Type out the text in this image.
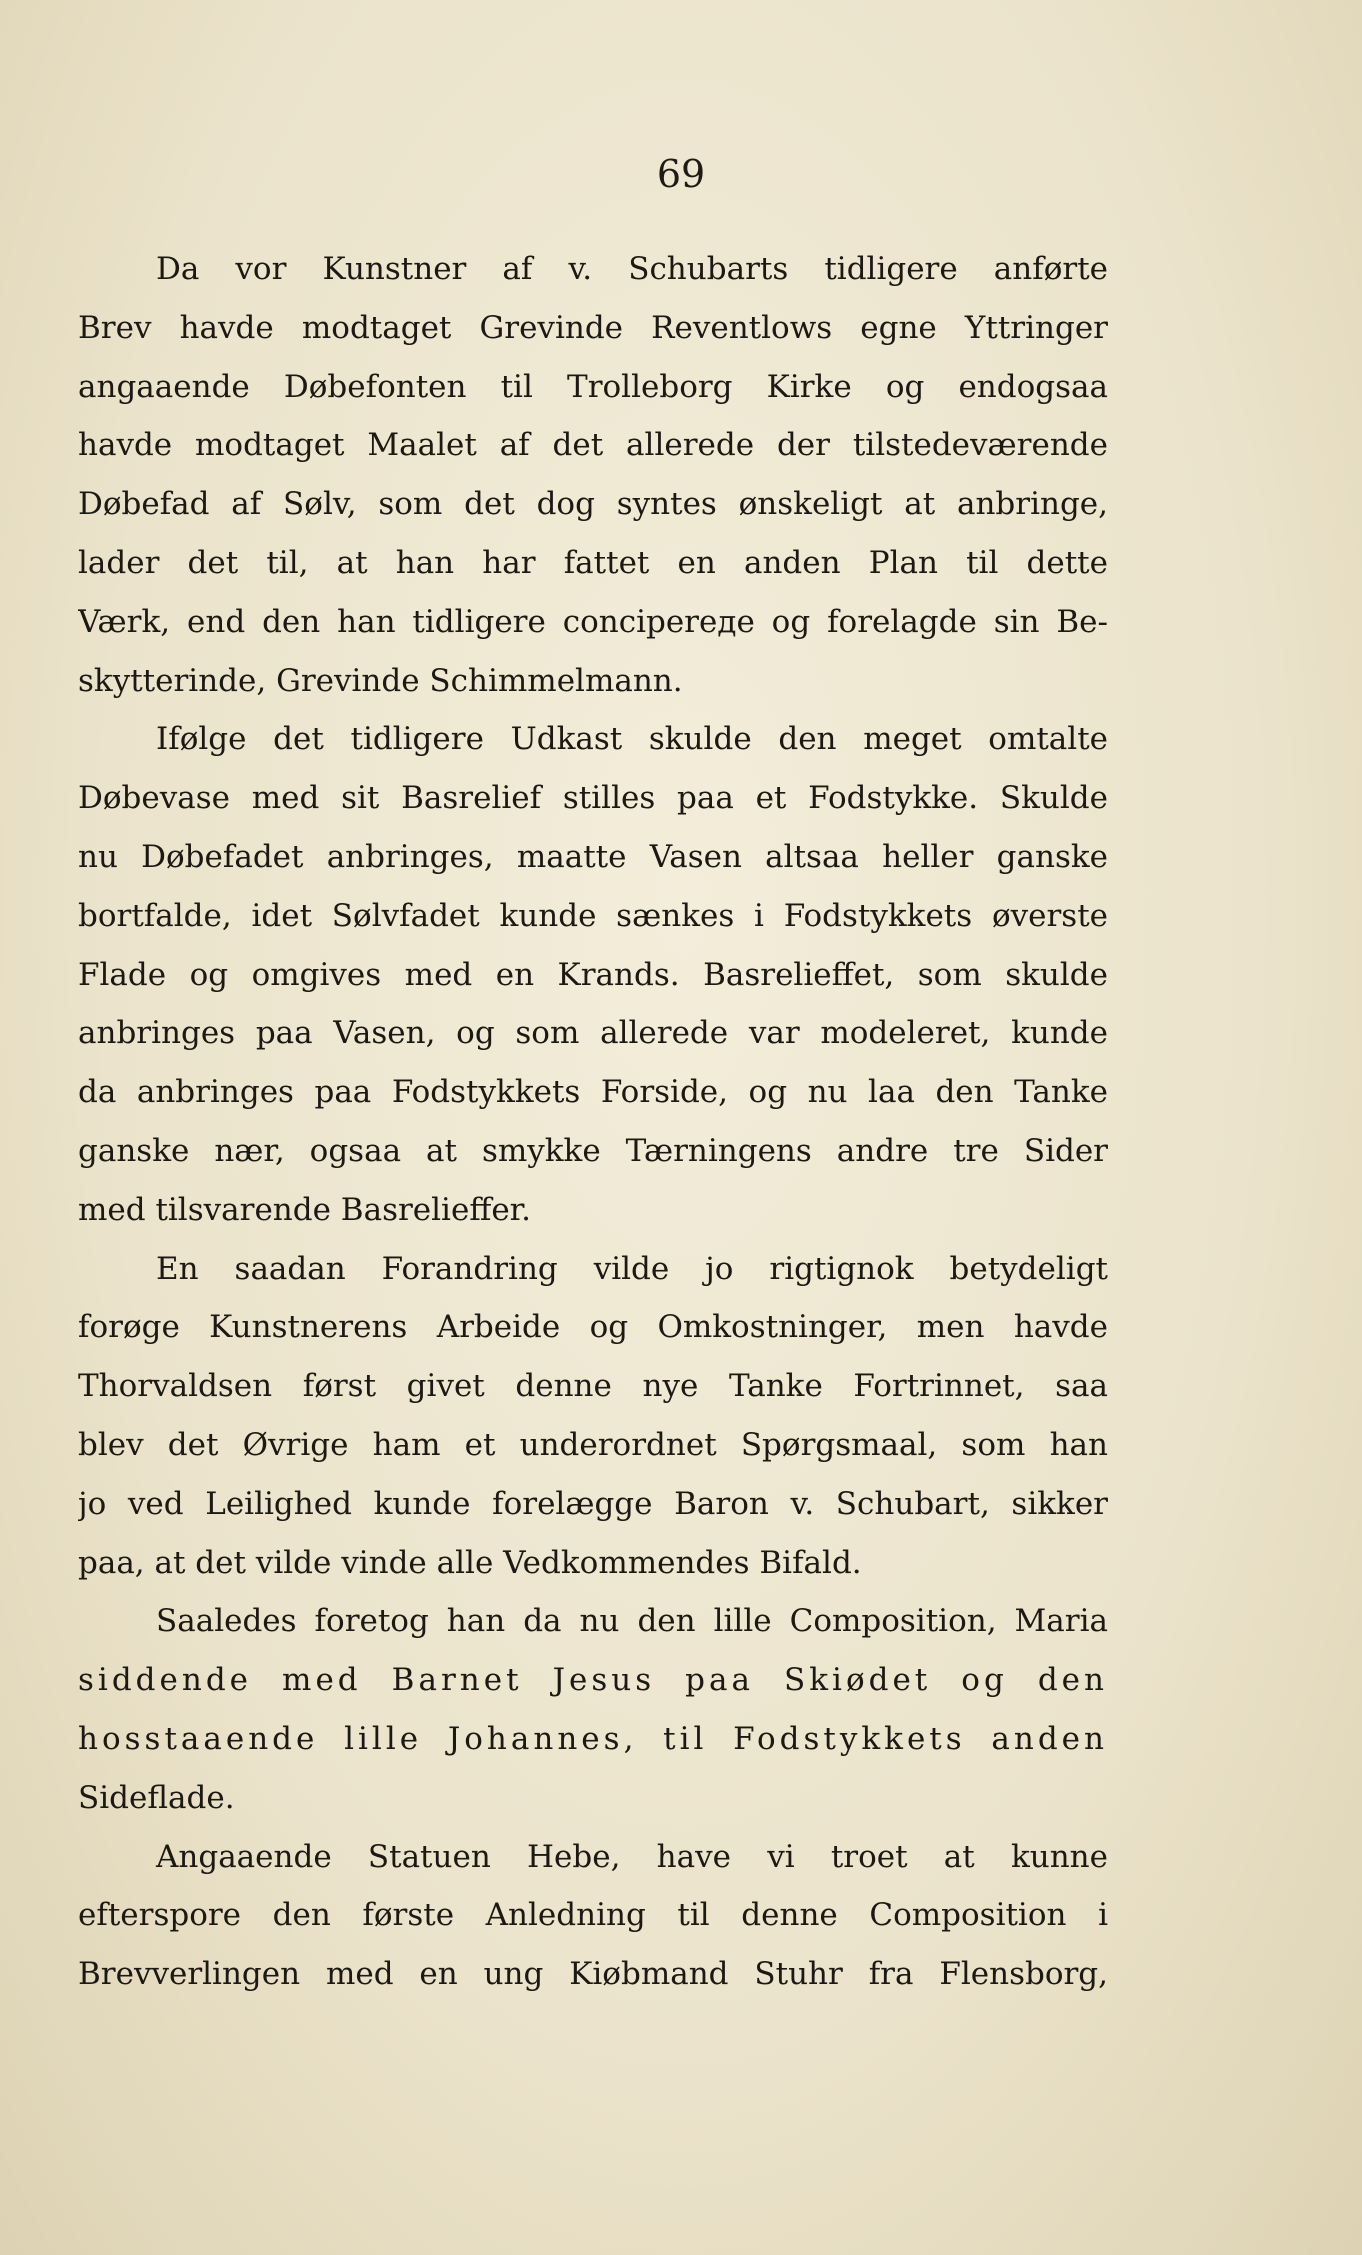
69
Da vor Kunstner af v. Schubarts tidligere anførte
Brev havde modtaget Grevinde Reventlows egne Yttringer
angaaende Døbefonten til Trolleborg Kirke og endogsaa
havde modtaget Maalet af det allerede der tilstedeværende
Døbefad af Sølv, som det dog syntes ønskeligt at anbringe,
lader det til, at han har fattet en anden Plan til dette
Værk, end den han tidligere concipereде og forelagde sin Be-
skytterinde, Grevinde Schimmelmann.
Ifølge det tidligere Udkast skulde den meget omtalte
Døbevase med sit Basrelief stilles paa et Fodstykke. Skulde
nu Døbefadet anbringes, maatte Vasen altsaa heller ganske
bortfalde, idet Sølvfadet kunde sænkes i Fodstykkets øverste
Flade og omgives med en Krands. Basrelieffet, som skulde
anbringes paa Vasen, og som allerede var modeleret, kunde
da anbringes paa Fodstykkets Forside, og nu laa den Tanke
ganske nær, ogsaa at smykke Tærningens andre tre Sider
med tilsvarende Basrelieffer.
En saadan Forandring vilde jo rigtignok betydeligt
forøge Kunstnerens Arbeide og Omkostninger, men havde
Thorvaldsen først givet denne nye Tanke Fortrinnet, saa
blev det Øvrige ham et underordnet Spørgsmaal, som han
jo ved Leilighed kunde forelægge Baron v. Schubart, sikker
paa, at det vilde vinde alle Vedkommendes Bifald.
Saaledes foretog han da nu den lille Composition, Maria
siddende med Barnet Jesus paa Skiødet og den
hosstaaende lille Johannes, til Fodstykkets anden
Sideflade.
Angaaende Statuen Hebe, have vi troet at kunne
efterspore den første Anledning til denne Composition i
Brevverlingen med en ung Kiøbmand Stuhr fra Flensborg,
